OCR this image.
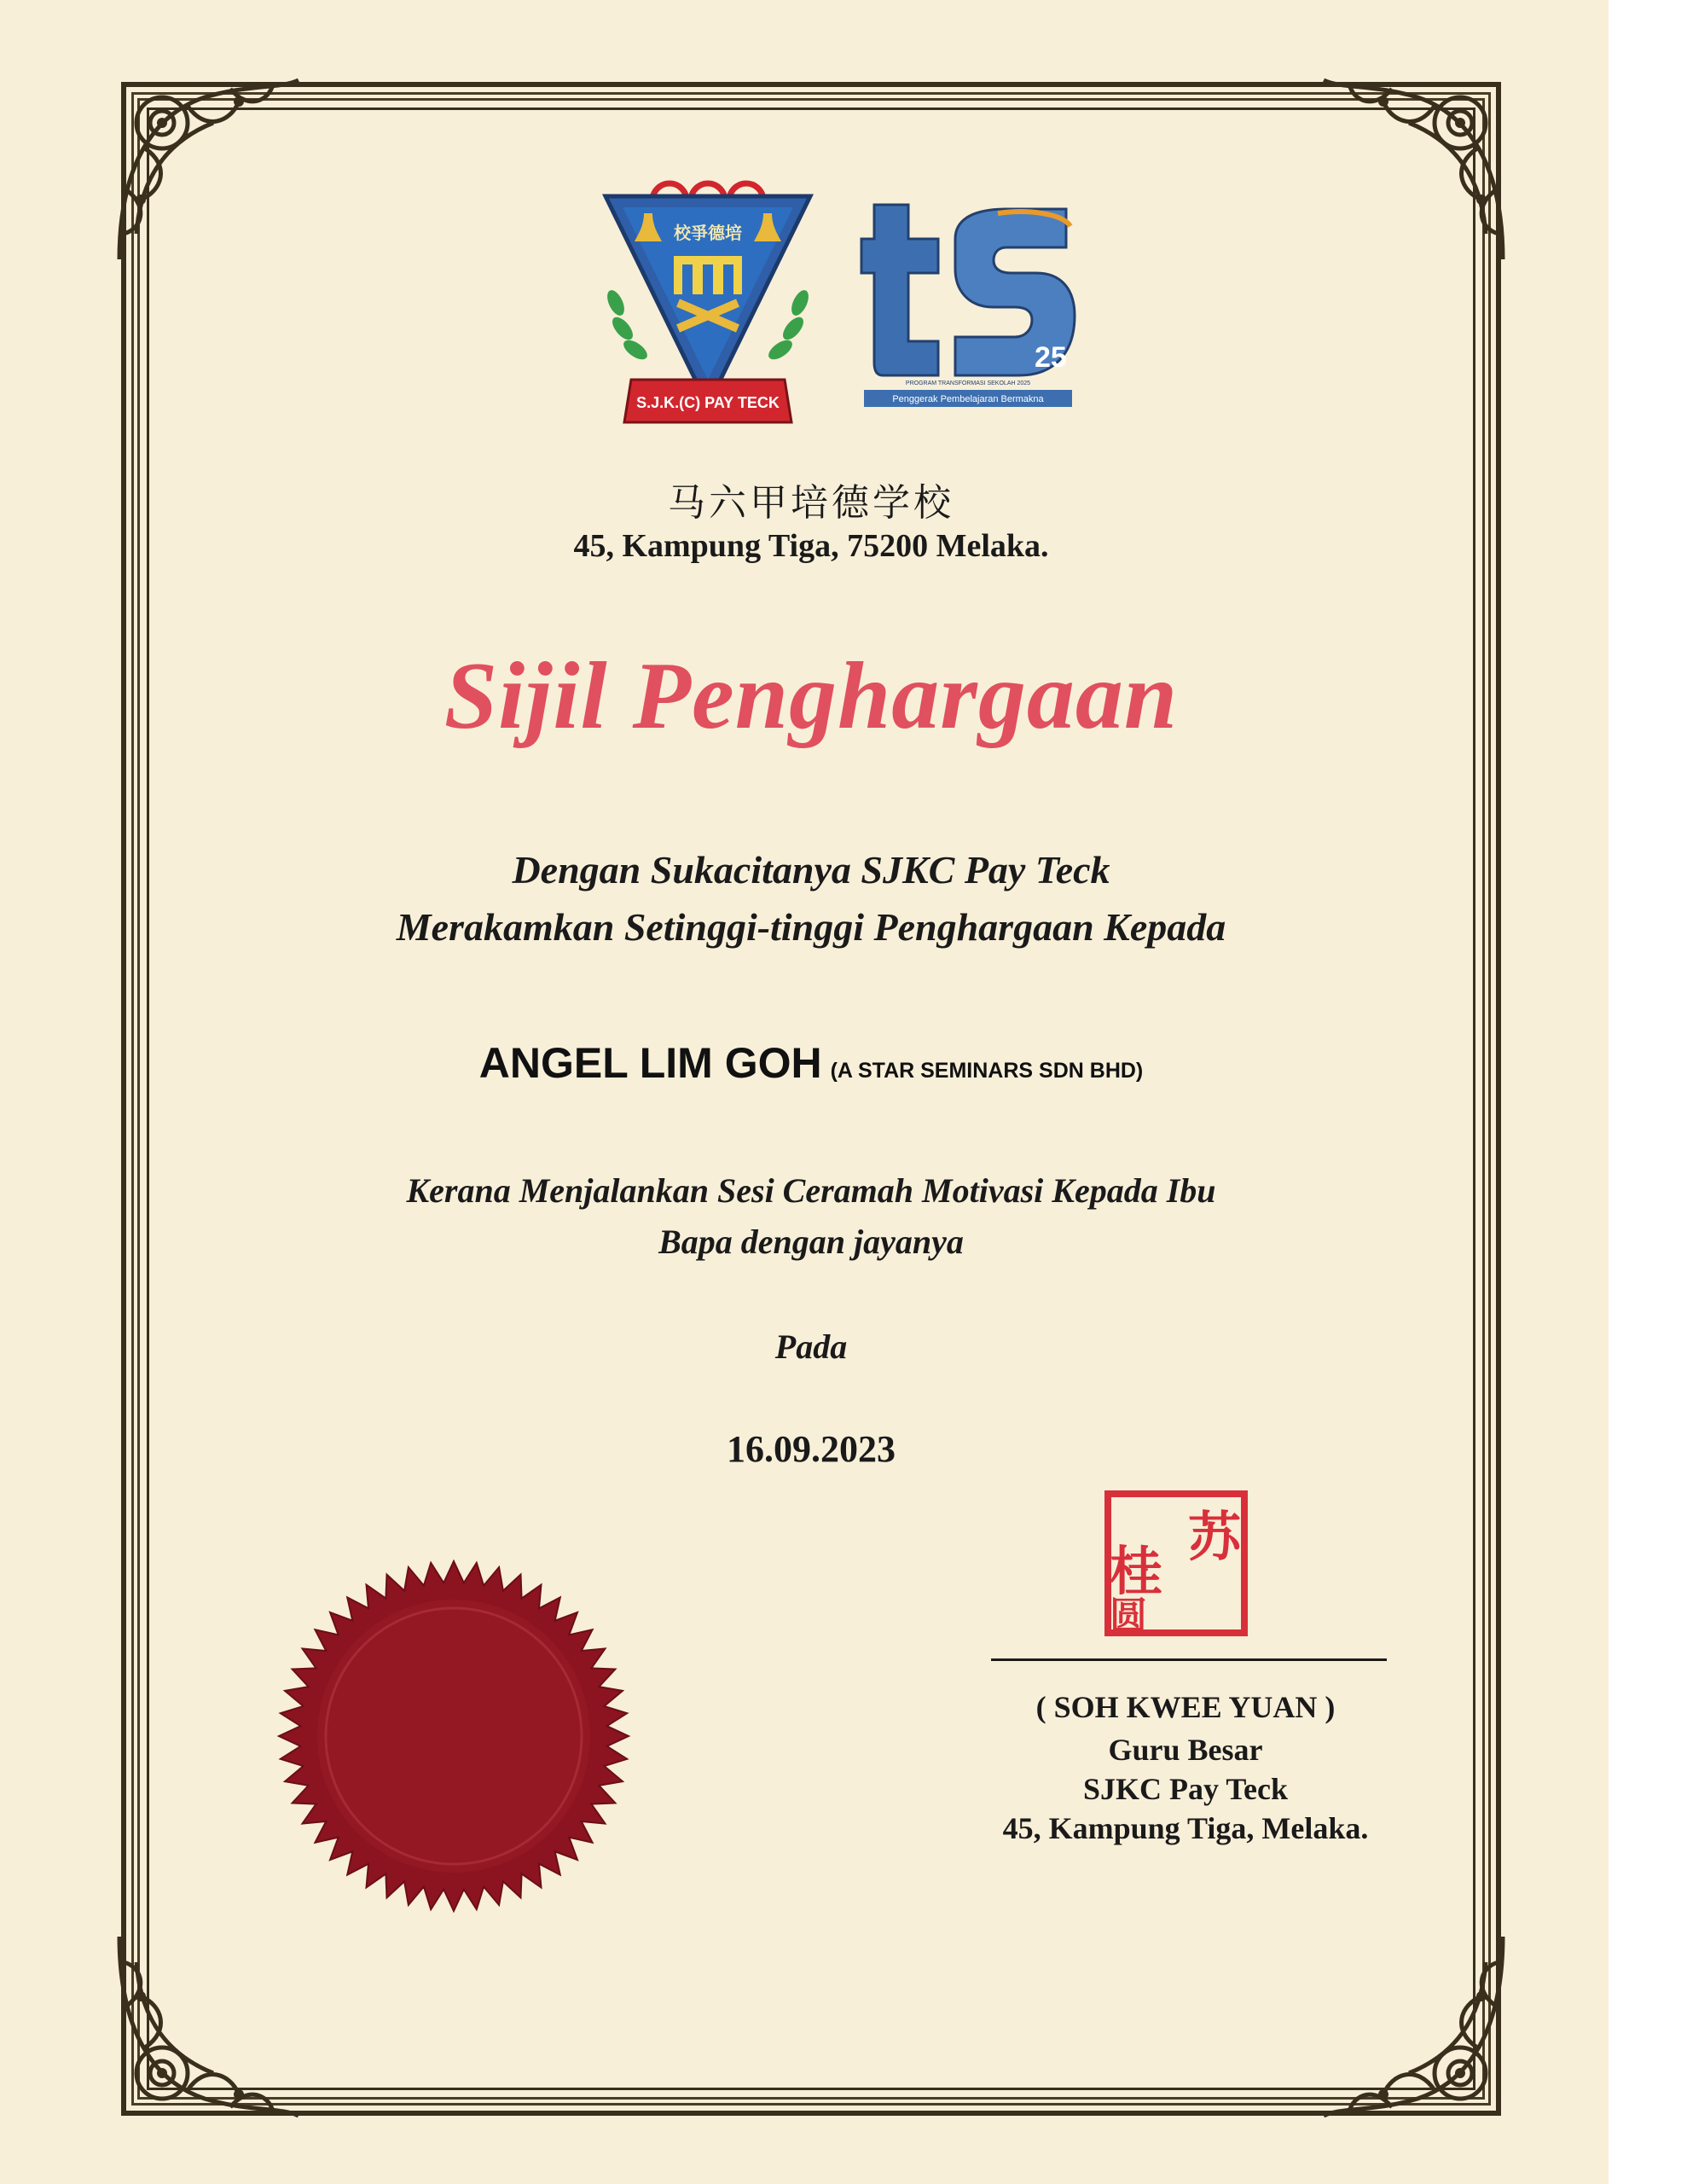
校爭德培
S.J.K.(C) PAY TECK
25
PROGRAM TRANSFORMASI SEKOLAH 2025
Penggerak Pembelajaran Bermakna
马六甲培德学校
45, Kampung Tiga, 75200 Melaka.
Sijil Penghargaan
Dengan Sukacitanya SJKC Pay Teck
Merakamkan Setinggi-tinggi Penghargaan Kepada
ANGEL LIM GOH (A STAR SEMINARS SDN BHD)
Kerana Menjalankan Sesi Ceramah Motivasi Kepada Ibu
Bapa dengan jayanya
Pada
16.09.2023
苏
桂
圆
( SOH KWEE YUAN )
Guru Besar
SJKC Pay Teck
45, Kampung Tiga, Melaka.
